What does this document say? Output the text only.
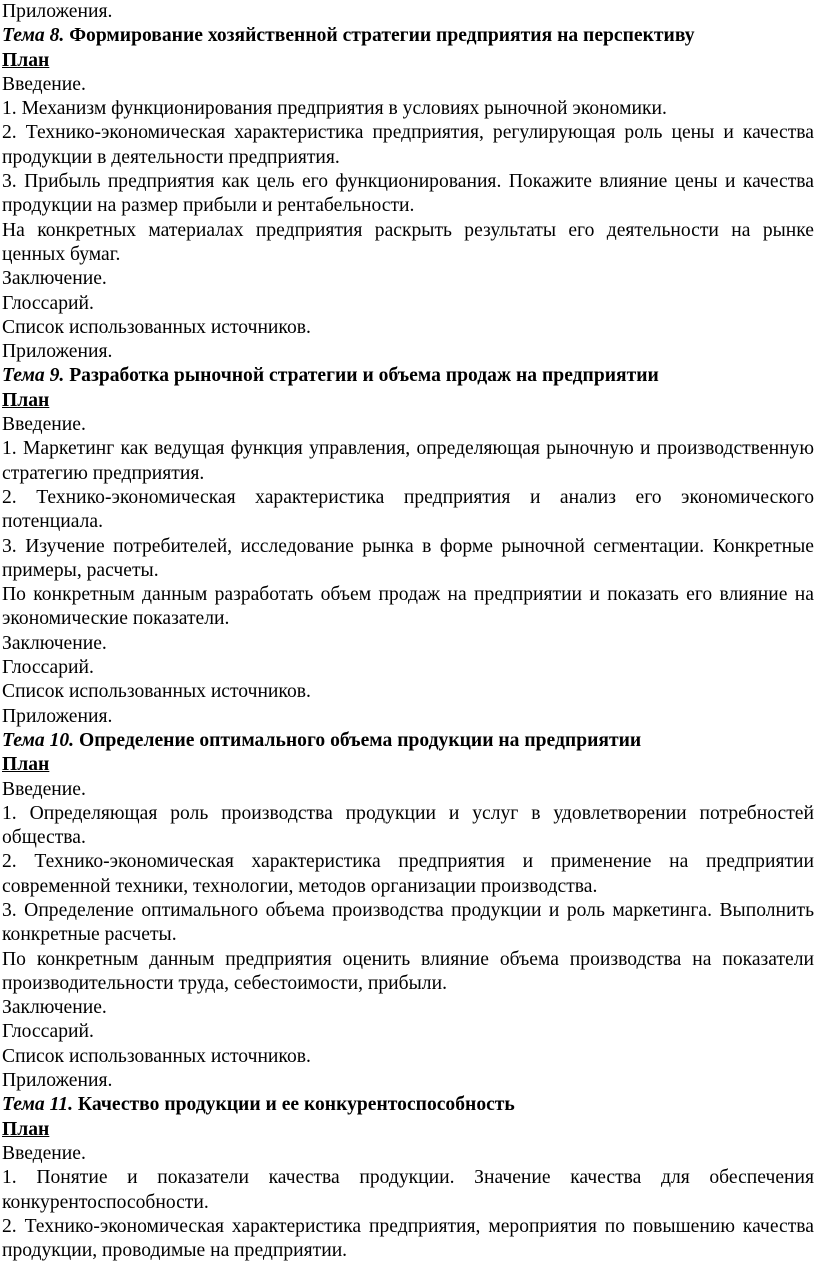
Приложения.

Тема 8. Формирование хозяйственной стратегии предприятия на перспективу

План

Введение.

1. Механизм функционирования предприятия в условиях рыночной экономики.

2. Технико-экономическая характеристика предприятия, регулирующая роль цены и качества продукции в деятельности предприятия.

3. Прибыль предприятия как цель его функционирования. Покажите влияние цены и качества продукции на размер прибыли и рентабельности.

На конкретных материалах предприятия раскрыть результаты его деятельности на рынке ценных бумаг.

Заключение.

Глоссарий.

Список использованных источников.

Приложения.

Тема 9. Разработка рыночной стратегии и объема продаж на предприятии

План

Введение.

1. Маркетинг как ведущая функция управления, определяющая рыночную и производственную стратегию предприятия.

2. Технико-экономическая характеристика предприятия и анализ его экономического потенциала.

3. Изучение потребителей, исследование рынка в форме рыночной сегментации. Конкретные примеры, расчеты.

По конкретным данным разработать объем продаж на предприятии и показать его влияние на экономические показатели.

Заключение.

Глоссарий.

Список использованных источников.

Приложения.

Тема 10. Определение оптимального объема продукции на предприятии

План

Введение.

1. Определяющая роль производства продукции и услуг в удовлетворении потребностей общества.

2. Технико-экономическая характеристика предприятия и применение на предприятии современной техники, технологии, методов организации производства.

3. Определение оптимального объема производства продукции и роль маркетинга. Выполнить конкретные расчеты.

По конкретным данным предприятия оценить влияние объема производства на показатели производительности труда, себестоимости, прибыли.

Заключение.

Глоссарий.

Список использованных источников.

Приложения.

Тема 11. Качество продукции и ее конкурентоспособность

План

Введение.

1. Понятие и показатели качества продукции. Значение качества для обеспечения конкурентоспособности.

2. Технико-экономическая характеристика предприятия, мероприятия по повышению качества продукции, проводимые на предприятии.
